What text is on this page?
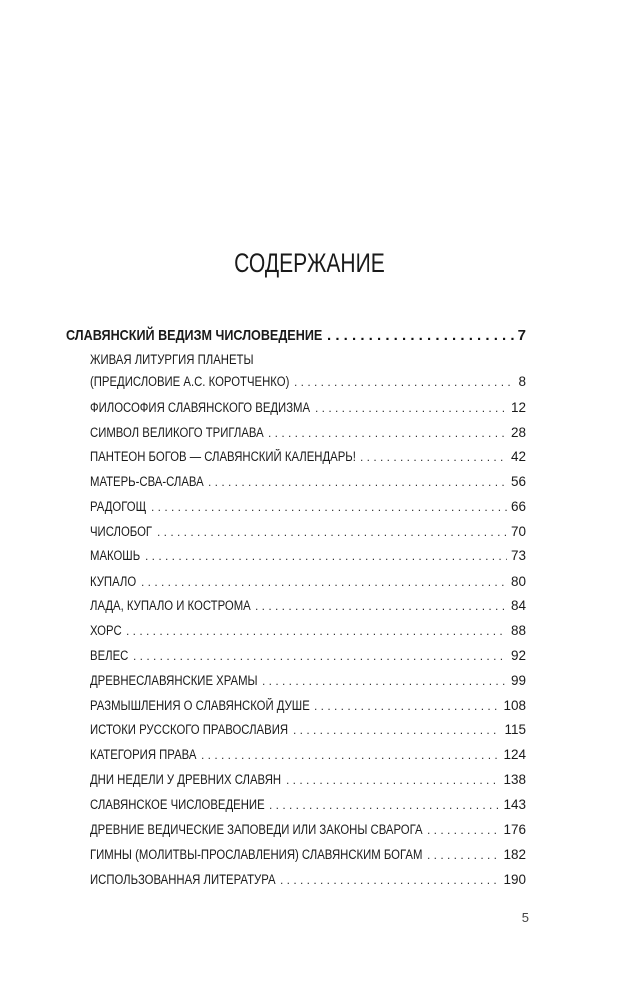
СОДЕРЖАНИЕ
СЛАВЯНСКИЙ ВЕДИЗМ ЧИСЛОВЕДЕНИЕ . . .	7
ЖИВАЯ ЛИТУРГИЯ ПЛАНЕТЫ
(ПРЕДИСЛОВИЕ А.С. КОРОТЧЕНКО) . . .	8
ФИЛОСОФИЯ СЛАВЯНСКОГО ВЕДИЗМА . . .	12
СИМВОЛ ВЕЛИКОГО ТРИГЛАВА . . .	28
ПАНТЕОН БОГОВ — СЛАВЯНСКИЙ КАЛЕНДАРЬ! . . .	42
МАТЕРЬ-СВА-СЛАВА . . .	56
РАДОГОЩ . . .	66
ЧИСЛОБОГ . . .	70
МАКОШЬ . . .	73
КУПАЛО . . .	80
ЛАДА, КУПАЛО И КОСТРОМА . . .	84
ХОРС . . .	88
ВЕЛЕС . . .	92
ДРЕВНЕСЛАВЯНСКИЕ ХРАМЫ . . .	99
РАЗМЫШЛЕНИЯ О СЛАВЯНСКОЙ ДУШЕ . . .	108
ИСТОКИ РУССКОГО ПРАВОСЛАВИЯ . . .	115
КАТЕГОРИЯ ПРАВА . . .	124
ДНИ НЕДЕЛИ У ДРЕВНИХ СЛАВЯН . . .	138
СЛАВЯНСКОЕ ЧИСЛОВЕДЕНИЕ . . .	143
ДРЕВНИЕ ВЕДИЧЕСКИЕ ЗАПОВЕДИ ИЛИ ЗАКОНЫ СВАРОГА . . .	176
ГИМНЫ (МОЛИТВЫ-ПРОСЛАВЛЕНИЯ) СЛАВЯНСКИМ БОГАМ . . .	182
ИСПОЛЬЗОВАННАЯ ЛИТЕРАТУРА . . .	190
5
